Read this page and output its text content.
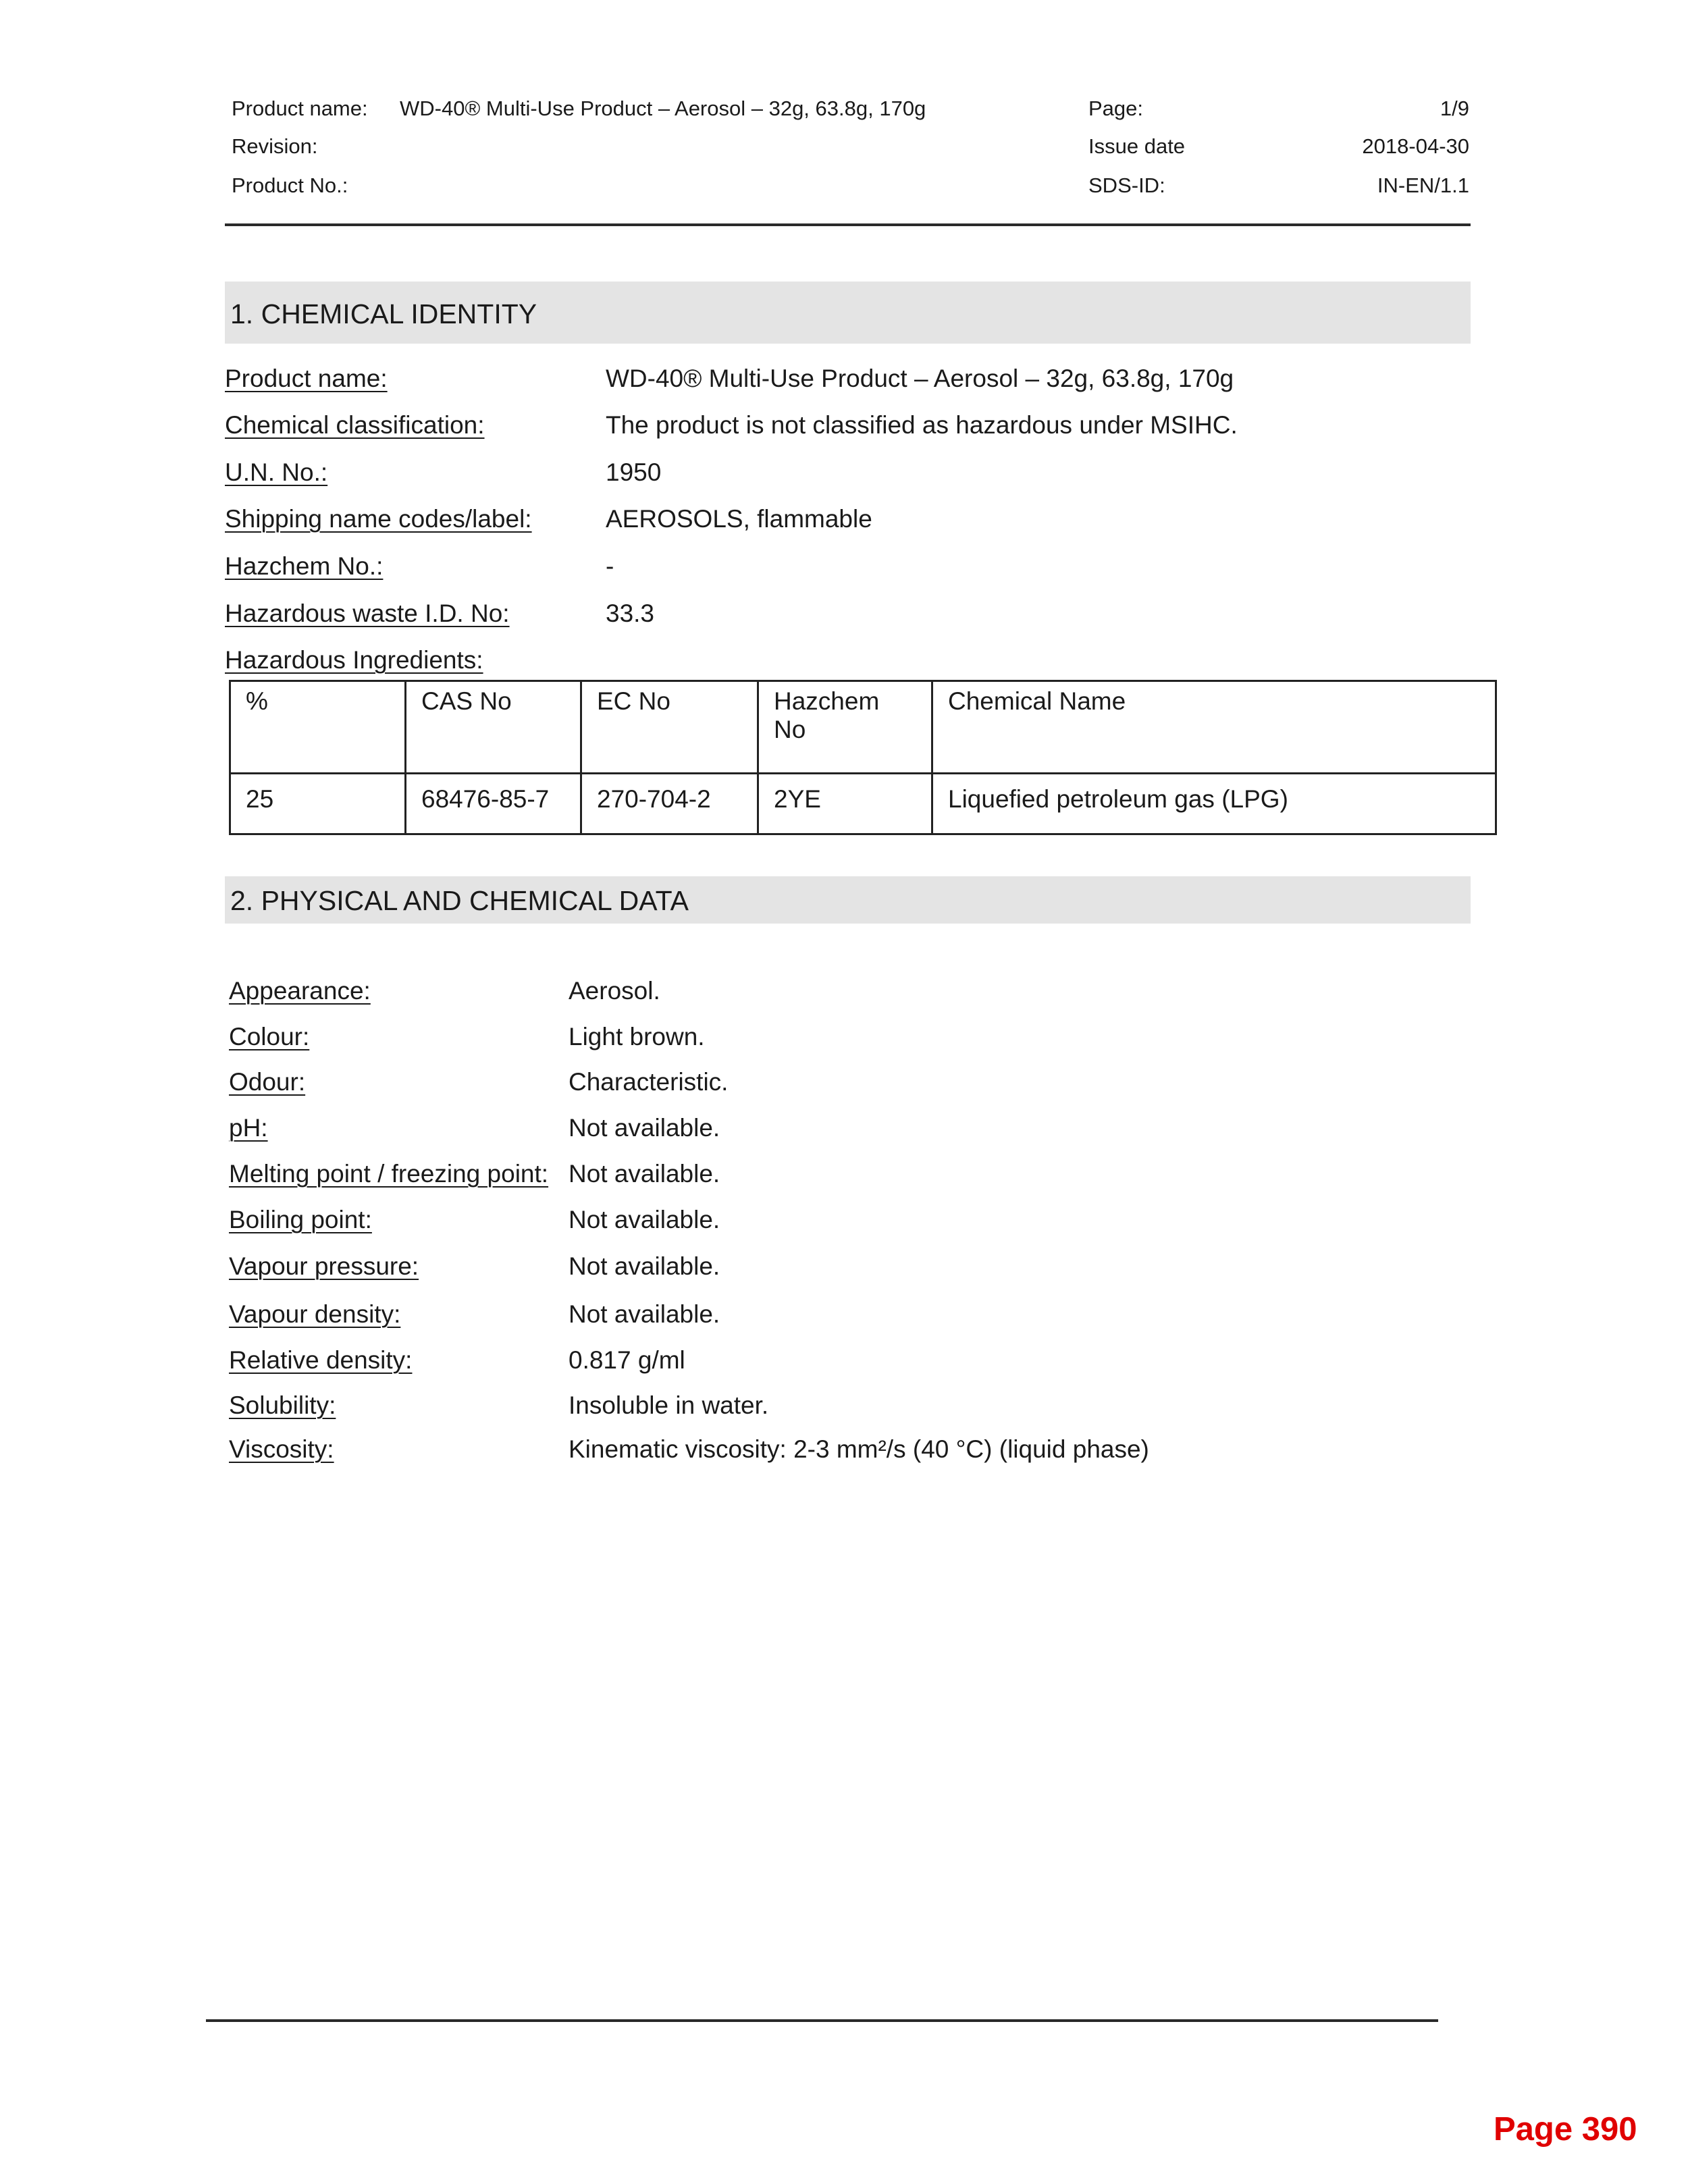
Product name: WD-40® Multi-Use Product – Aerosol – 32g, 63.8g, 170g
Revision:
Product No.:
Page:	1/9
Issue date	2018-04-30
SDS-ID:	IN-EN/1.1
1. CHEMICAL IDENTITY
Product name:	WD-40® Multi-Use Product – Aerosol – 32g, 63.8g, 170g
Chemical classification:	The product is not classified as hazardous under MSIHC.
U.N. No.:	1950
Shipping name codes/label:	AEROSOLS, flammable
Hazchem No.:	-
Hazardous waste I.D. No:	33.3
Hazardous Ingredients:
%	CAS No	EC No	Hazchem No	Chemical Name
25	68476-85-7	270-704-2	2YE	Liquefied petroleum gas (LPG)
2. PHYSICAL AND CHEMICAL DATA
Appearance:	Aerosol.
Colour:	Light brown.
Odour:	Characteristic.
pH:	Not available.
Melting point / freezing point: Not available.
Boiling point:	Not available.
Vapour pressure:	Not available.
Vapour density:	Not available.
Relative density:	0.817 g/ml
Solubility:	Insoluble in water.
Viscosity:	Kinematic viscosity: 2-3 mm²/s (40 °C) (liquid phase)
Page 390
